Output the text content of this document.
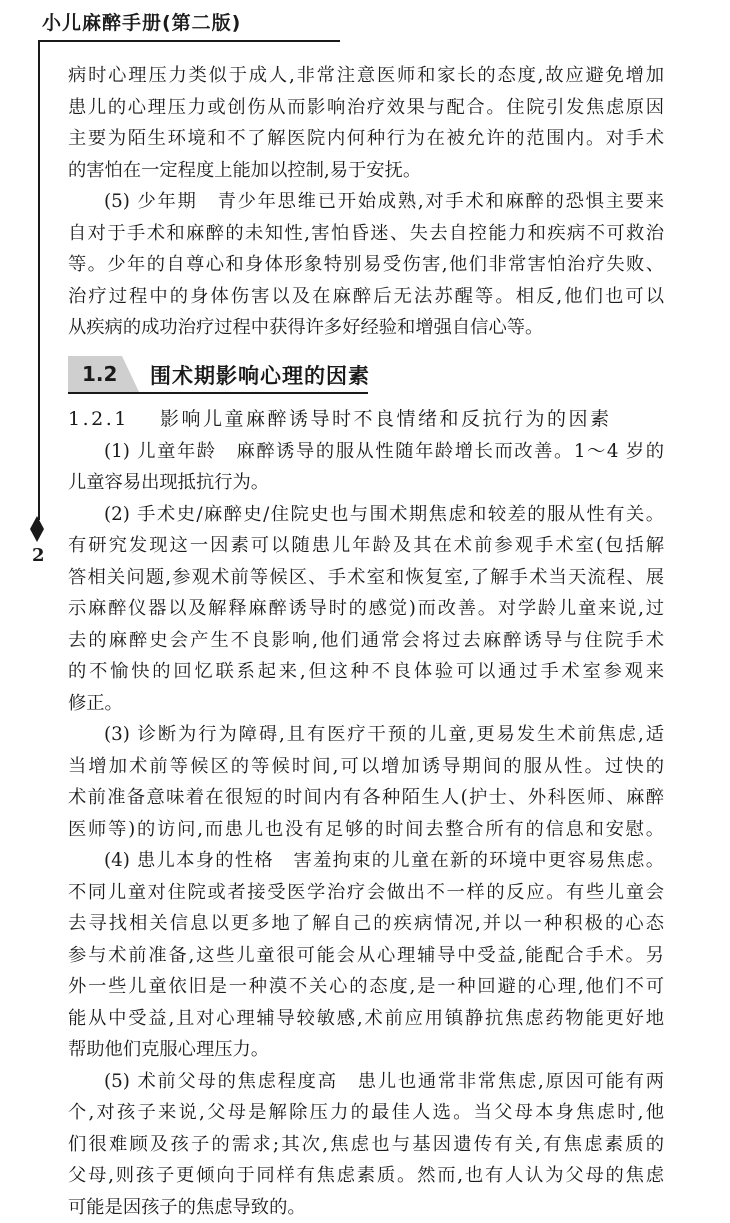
小儿麻醉手册(第二版)
2
病时心理压力类似于成人,非常注意医师和家长的态度,故应避免增加
患儿的心理压力或创伤从而影响治疗效果与配合。住院引发焦虑原因
主要为陌生环境和不了解医院内何种行为在被允许的范围内。对手术
的害怕在一定程度上能加以控制,易于安抚。
(5) 少年期　青少年思维已开始成熟,对手术和麻醉的恐惧主要来
自对于手术和麻醉的未知性,害怕昏迷、失去自控能力和疾病不可救治
等。少年的自尊心和身体形象特别易受伤害,他们非常害怕治疗失败、
治疗过程中的身体伤害以及在麻醉后无法苏醒等。相反,他们也可以
从疾病的成功治疗过程中获得许多好经验和增强自信心等。
1.2 围术期影响心理的因素
1.2.1 影响儿童麻醉诱导时不良情绪和反抗行为的因素
(1) 儿童年龄　麻醉诱导的服从性随年龄增长而改善。1～4 岁的
儿童容易出现抵抗行为。
(2) 手术史/麻醉史/住院史也与围术期焦虑和较差的服从性有关。
有研究发现这一因素可以随患儿年龄及其在术前参观手术室(包括解
答相关问题,参观术前等候区、手术室和恢复室,了解手术当天流程、展
示麻醉仪器以及解释麻醉诱导时的感觉)而改善。对学龄儿童来说,过
去的麻醉史会产生不良影响,他们通常会将过去麻醉诱导与住院手术
的不愉快的回忆联系起来,但这种不良体验可以通过手术室参观来
修正。
(3) 诊断为行为障碍,且有医疗干预的儿童,更易发生术前焦虑,适
当增加术前等候区的等候时间,可以增加诱导期间的服从性。过快的
术前准备意味着在很短的时间内有各种陌生人(护士、外科医师、麻醉
医师等)的访问,而患儿也没有足够的时间去整合所有的信息和安慰。
(4) 患儿本身的性格　害羞拘束的儿童在新的环境中更容易焦虑。
不同儿童对住院或者接受医学治疗会做出不一样的反应。有些儿童会
去寻找相关信息以更多地了解自己的疾病情况,并以一种积极的心态
参与术前准备,这些儿童很可能会从心理辅导中受益,能配合手术。另
外一些儿童依旧是一种漠不关心的态度,是一种回避的心理,他们不可
能从中受益,且对心理辅导较敏感,术前应用镇静抗焦虑药物能更好地
帮助他们克服心理压力。
(5) 术前父母的焦虑程度高　患儿也通常非常焦虑,原因可能有两
个,对孩子来说,父母是解除压力的最佳人选。当父母本身焦虑时,他
们很难顾及孩子的需求;其次,焦虑也与基因遗传有关,有焦虑素质的
父母,则孩子更倾向于同样有焦虑素质。然而,也有人认为父母的焦虑
可能是因孩子的焦虑导致的。
